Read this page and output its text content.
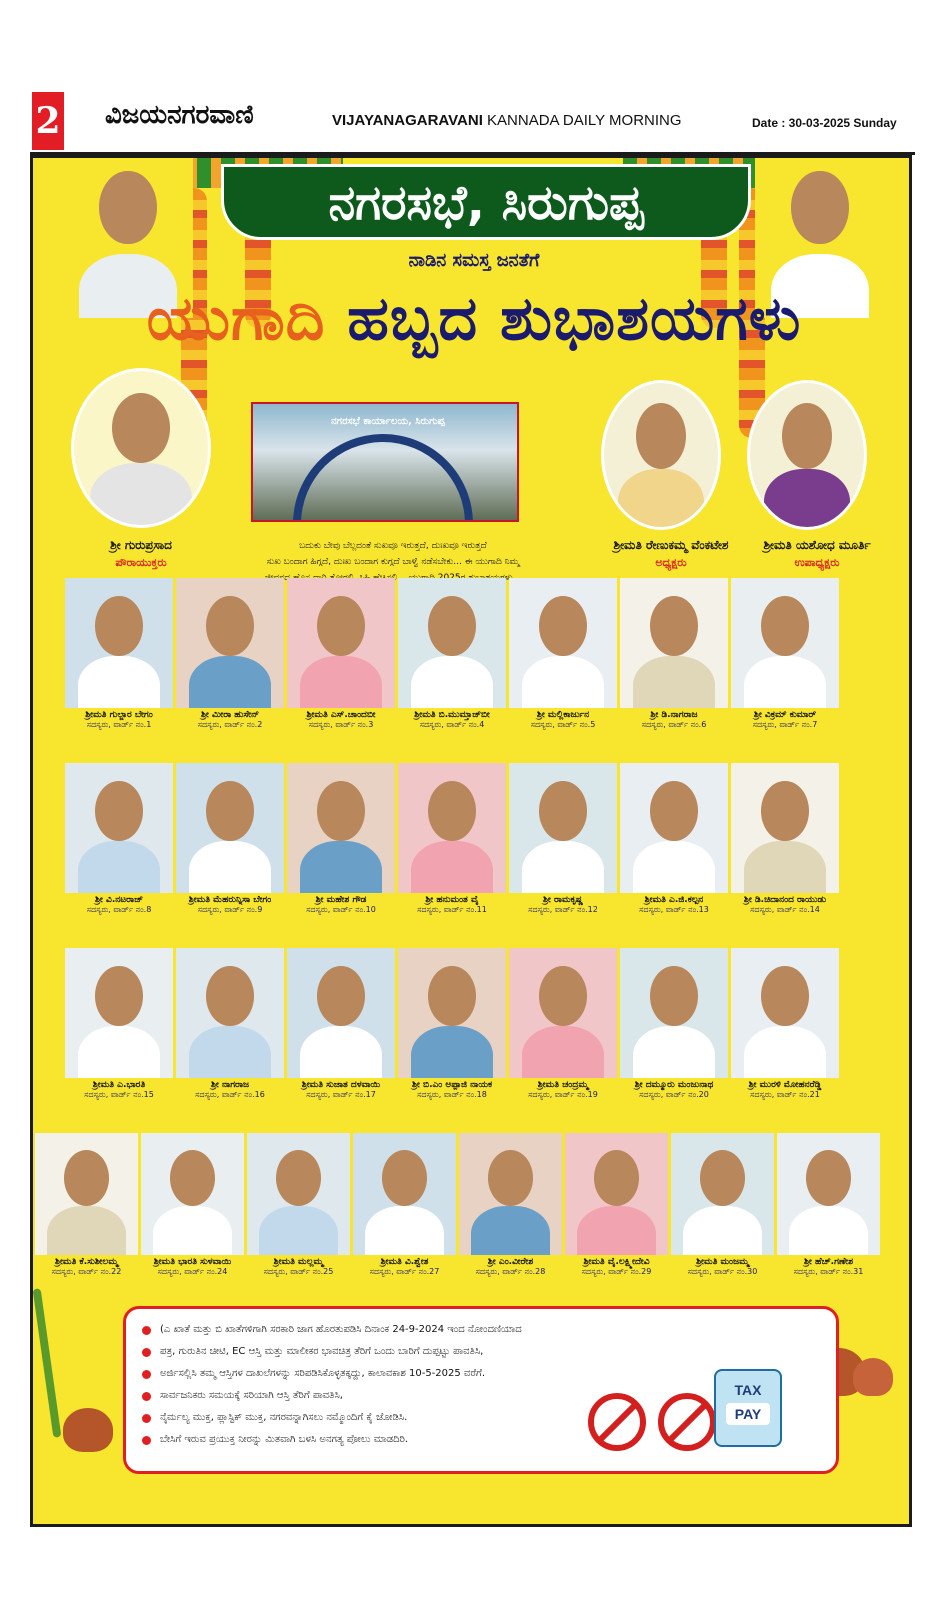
2 ವಿಜಯನಗರವಾಣಿ	VIJAYANAGARAVANI KANNADA DAILY MORNING	Date : 30-03-2025 Sunday
ನಗರಸಭೆ, ಸಿರುಗುಪ್ಪ
ನಾಡಿನ ಸಮಸ್ತ ಜನತೆಗೆ
ಯುಗಾದಿ ಹಬ್ಬದ ಶುಭಾಶಯಗಳು
ಶ್ರೀ ಗುರುಪ್ರಸಾದ
ಪೌರಾಯುಕ್ತರು
ಶ್ರೀಮತಿ ರೇಣುಕಮ್ಮ ವೆಂಕಟೇಶ
ಅಧ್ಯಕ್ಷರು
ಶ್ರೀಮತಿ ಯಶೋಧ ಮೂರ್ತಿ
ಉಪಾಧ್ಯಕ್ಷರು
ನಗರಸಭೆ ಕಾರ್ಯಾಲಯ, ಸಿರುಗುಪ್ಪ
ಬದುಕು ಬೇವು ಬೆಲ್ಲದಂತೆ ಸುಖವೂ ಇರುತ್ತದೆ, ದುಃಖವೂ ಇರುತ್ತದೆ
ಸುಖ ಬಂದಾಗ ಹಿಗ್ಗದೆ, ದುಃಖ ಬಂದಾಗ ಕುಗ್ಗದೆ ಬಾಳ್ವೆ ನಡೆಸಬೇಕು... ಈ ಯುಗಾದಿ ನಿಮ್ಮ
ಶ್ರೀಮತಿ ಗುಲ್ಜಾರ ಬೇಗಂ
ಸದಸ್ಯರು, ವಾರ್ಡ್ ನಂ.1
ಶ್ರೀ ಮೀರಾ ಹುಸೇನ್
ಸದಸ್ಯರು, ವಾರ್ಡ್ ನಂ.2
ಶ್ರೀಮತಿ ಎಸ್.ಚಾಂದಬೀ
ಸದಸ್ಯರು, ವಾರ್ಡ್ ನಂ.3
ಶ್ರೀಮತಿ ಬಿ.ಮುಮ್ತಾಜ್‌ಬೀ
ಸದಸ್ಯರು, ವಾರ್ಡ್ ನಂ.4
ಶ್ರೀ ಮಲ್ಲಿಕಾರ್ಜುನ
ಸದಸ್ಯರು, ವಾರ್ಡ್ ನಂ.5
ಶ್ರೀ ಡಿ.ನಾಗರಾಜ
ಸದಸ್ಯರು, ವಾರ್ಡ್ ನಂ.6
ಶ್ರೀ ವಿಕ್ರಮ್ ಕುಮಾರ್
ಸದಸ್ಯರು, ವಾರ್ಡ್ ನಂ.7
ಶ್ರೀ ವಿ.ನಟರಾಜ್
ಸದಸ್ಯರು, ವಾರ್ಡ್ ನಂ.8
ಶ್ರೀಮತಿ ಮೆಹರುನ್ನಿಸಾ ಬೇಗಂ
ಸದಸ್ಯರು, ವಾರ್ಡ್ ನಂ.9
ಶ್ರೀ ಮಹೇಶ ಗೌಡ
ಸದಸ್ಯರು, ವಾರ್ಡ್ ನಂ.10
ಶ್ರೀ ಹನುಮಂತ ವೈ
ಸದಸ್ಯರು, ವಾರ್ಡ್ ನಂ.11
ಶ್ರೀ ರಾಮಕೃಷ್ಣ
ಸದಸ್ಯರು, ವಾರ್ಡ್ ನಂ.12
ಶ್ರೀಮತಿ ಎ.ಜಿ.ಕಲ್ಪನ
ಸದಸ್ಯರು, ವಾರ್ಡ್ ನಂ.13
ಶ್ರೀ ಡಿ.ಚಿದಾನಂದ ರಾಯುಡು
ಸದಸ್ಯರು, ವಾರ್ಡ್ ನಂ.14
ಶ್ರೀಮತಿ ಎ.ಭಾರತಿ
ಸದಸ್ಯರು, ವಾರ್ಡ್ ನಂ.15
ಶ್ರೀ ನಾಗರಾಜ
ಸದಸ್ಯರು, ವಾರ್ಡ್ ನಂ.16
ಶ್ರೀಮತಿ ಸುಜಾತ ದಳವಾಯಿ
ಸದಸ್ಯರು, ವಾರ್ಡ್ ನಂ.17
ಶ್ರೀ ಬಿ.ಎಂ ಅಪ್ಪಾಜಿ ನಾಯಕ
ಸದಸ್ಯರು, ವಾರ್ಡ್ ನಂ.18
ಶ್ರೀಮತಿ ಚಂದ್ರಮ್ಮ
ಸದಸ್ಯರು, ವಾರ್ಡ್ ನಂ.19
ಶ್ರೀ ದಮ್ಮೂರು ಮಂಜುನಾಥ
ಸದಸ್ಯರು, ವಾರ್ಡ್ ನಂ.20
ಶ್ರೀ ಮುರಳಿ ಮೋಹನರೆಡ್ಡಿ
ಸದಸ್ಯರು, ವಾರ್ಡ್ ನಂ.21
ಶ್ರೀಮತಿ ಕೆ.ಸುಶೀಲಮ್ಮ
ಸದಸ್ಯರು, ವಾರ್ಡ್ ನಂ.22
ಶ್ರೀಮತಿ ಭಾರತಿ ಸುಳವಾಯಿ
ಸದಸ್ಯರು, ವಾರ್ಡ್ ನಂ.24
ಶ್ರೀಮತಿ ಮಲ್ಲಮ್ಮ
ಸದಸ್ಯರು, ವಾರ್ಡ್ ನಂ.25
ಶ್ರೀಮತಿ ವಿ.ಶ್ವೇತ
ಸದಸ್ಯರು, ವಾರ್ಡ್ ನಂ.27
ಶ್ರೀ ಎಂ.ವೀರೇಶ
ಸದಸ್ಯರು, ವಾರ್ಡ್ ನಂ.28
ಶ್ರೀಮತಿ ವೈ.ಲಕ್ಷ್ಮೀದೇವಿ
ಸದಸ್ಯರು, ವಾರ್ಡ್ ನಂ.29
ಶ್ರೀಮತಿ ಮಂಜಮ್ಮ
ಸದಸ್ಯರು, ವಾರ್ಡ್ ನಂ.30
ಶ್ರೀ ಹೆಚ್.ಗಣೇಶ
ಸದಸ್ಯರು, ವಾರ್ಡ್ ನಂ.31
(ಎ ಖಾತೆ ಮತ್ತು ಬಿ ಖಾತೆಗಳಿಗಾಗಿ ಸರಕಾರಿ ಜಾಗ ಹೊರತುಪಡಿಸಿ ದಿನಾಂಕ 24-9-2024 ಇಂದ ನೋಂದಣಿಯಾದ
ಪತ್ರ, ಗುರುತಿನ ಚೀಟಿ, EC ಆಸ್ತಿ ಮತ್ತು ಮಾಲೀಕರ ಭಾವಚಿತ್ರ ತೆರಿಗೆ ಒಂದು ಬಾರಿಗೆ ದುಪ್ಪಟ್ಟು ಪಾವತಿಸಿ,
ಅರ್ಜಿಸಲ್ಲಿಸಿ ತಮ್ಮ ಆಸ್ತಿಗಳ ದಾಖಲೆಗಳನ್ನು ಸರಿಪಡಿಸಿಕೊಳ್ಳತಕ್ಕದ್ದು, ಕಾಲಾವಕಾಶ 10-5-2025 ವರೆಗೆ.
ಸಾರ್ವಜನಿಕರು ಸಮಯಕ್ಕೆ ಸರಿಯಾಗಿ ಆಸ್ತಿ ತೆರಿಗೆ ಪಾವತಿಸಿ,
ನೈರ್ಮಲ್ಯ ಮುಕ್ತ, ಪ್ಲಾಸ್ಟಿಕ್ ಮುಕ್ತ, ನಗರವನ್ನಾಗಿಸಲು ನಮ್ಮೊಂದಿಗೆ ಕೈ ಜೋಡಿಸಿ.
ಬೇಸಿಗೆ ಇರುವ ಪ್ರಯುಕ್ತ ನೀರನ್ನು ಮಿತವಾಗಿ ಬಳಸಿ ಅನಗತ್ಯ ಪೋಲು ಮಾಡದಿರಿ.
TAX
PAY
